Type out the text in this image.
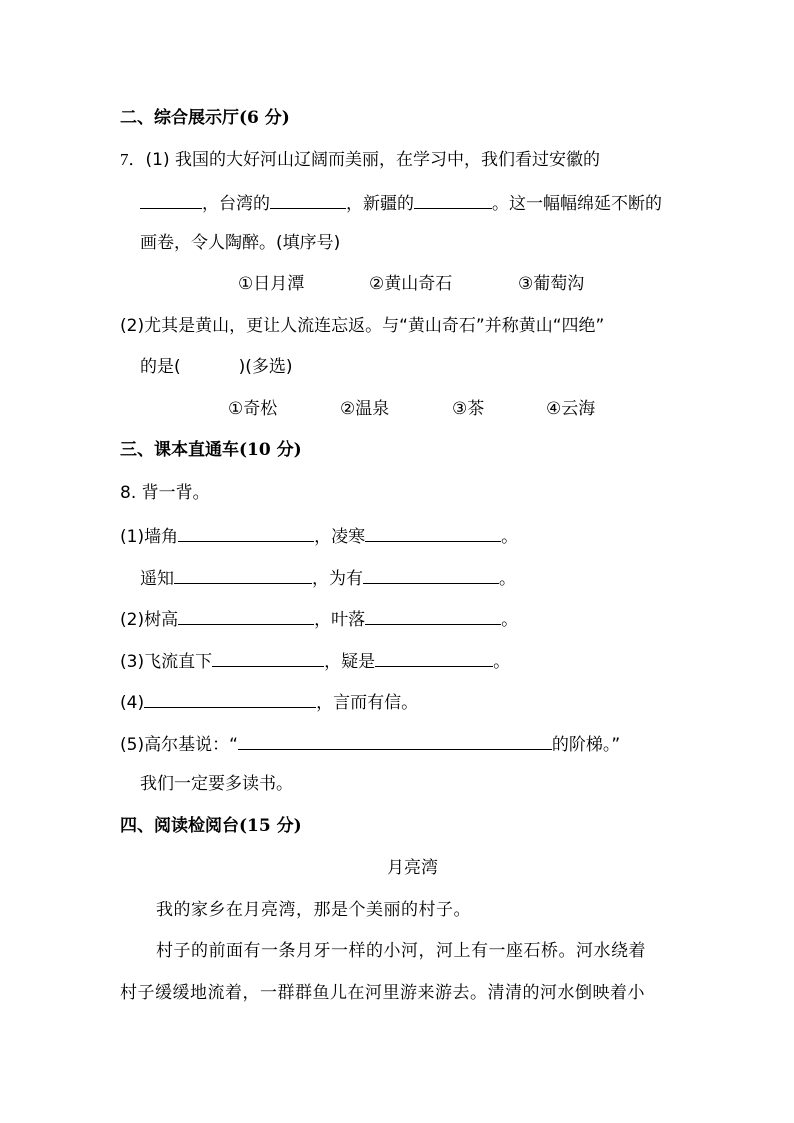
二、综合展示厅(6 分)
7．(1) 我国的大好河山辽阔而美丽，在学习中，我们看过安徽的
，台湾的	，新疆的	。这一幅幅绵延不断的
画卷，令人陶醉。(填序号)
①日月潭	②黄山奇石	③葡萄沟
(2)尤其是黄山，更让人流连忘返。与“黄山奇石”并称黄山“四绝”
的是(	)(多选)
①奇松	②温泉	③茶	④云海
三、课本直通车(10 分)
8. 背一背。
(1)墙角	，凌寒	。
遥知	，为有	。
(2)树高	，叶落	。
(3)飞流直下	，疑是	。
(4)	，言而有信。
(5)高尔基说：“	的阶梯。”
我们一定要多读书。
四、阅读检阅台(15 分)
月亮湾
我的家乡在月亮湾，那是个美丽的村子。
村子的前面有一条月牙一样的小河，河上有一座石桥。河水绕着
村子缓缓地流着，一群群鱼儿在河里游来游去。清清的河水倒映着小
